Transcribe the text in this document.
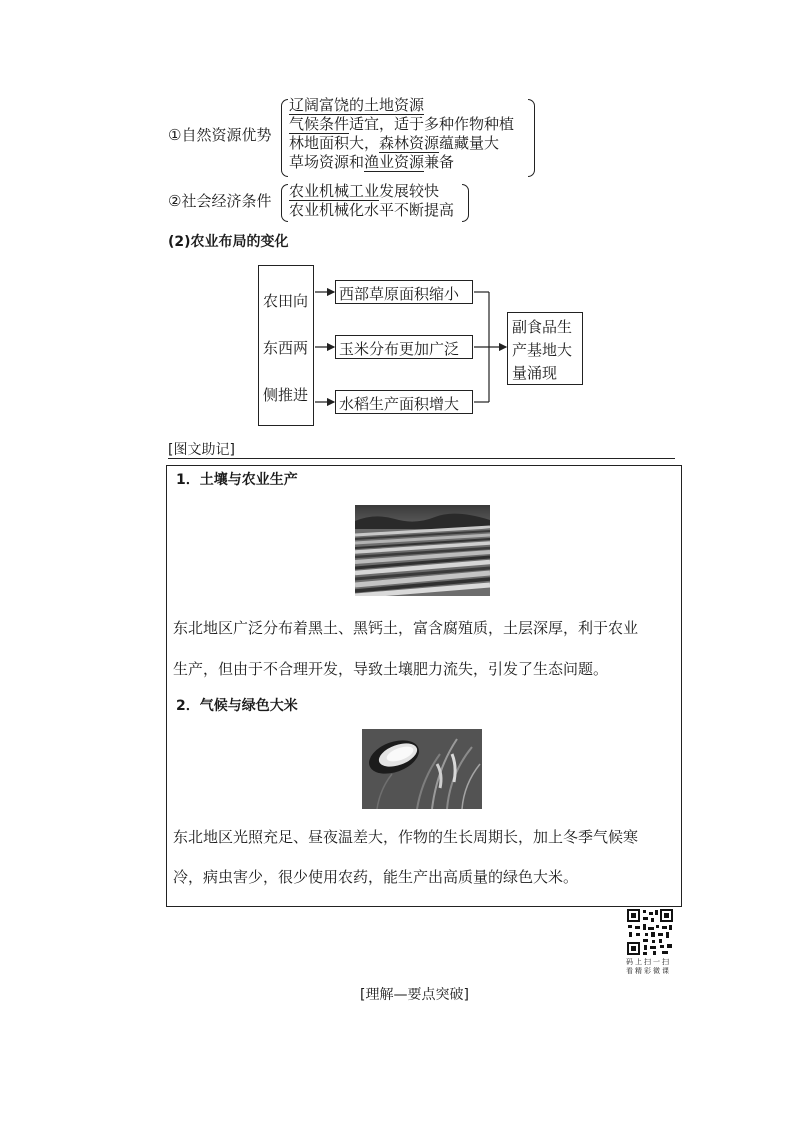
①自然资源优势
辽阔富饶的土地资源
气候条件适宜，适于多种作物种植
林地面积大，森林资源蕴藏量大
草场资源和渔业资源兼备
②社会经济条件
农业机械工业发展较快
农业机械化水平不断提高
(2)农业布局的变化
农田向
东西两
侧推进
西部草原面积缩小
玉米分布更加广泛
水稻生产面积增大
副食品生
产基地大
量涌现
[图文助记]
1．土壤与农业生产
东北地区广泛分布着黑土、黑钙土，富含腐殖质，土层深厚，利于农业
生产，但由于不合理开发，导致土壤肥力流失，引发了生态问题。
2．气候与绿色大米
东北地区光照充足、昼夜温差大，作物的生长周期长，加上冬季气候寒
冷，病虫害少，很少使用农药，能生产出高质量的绿色大米。
码上扫一扫
看精彩微课
[理解—要点突破]
